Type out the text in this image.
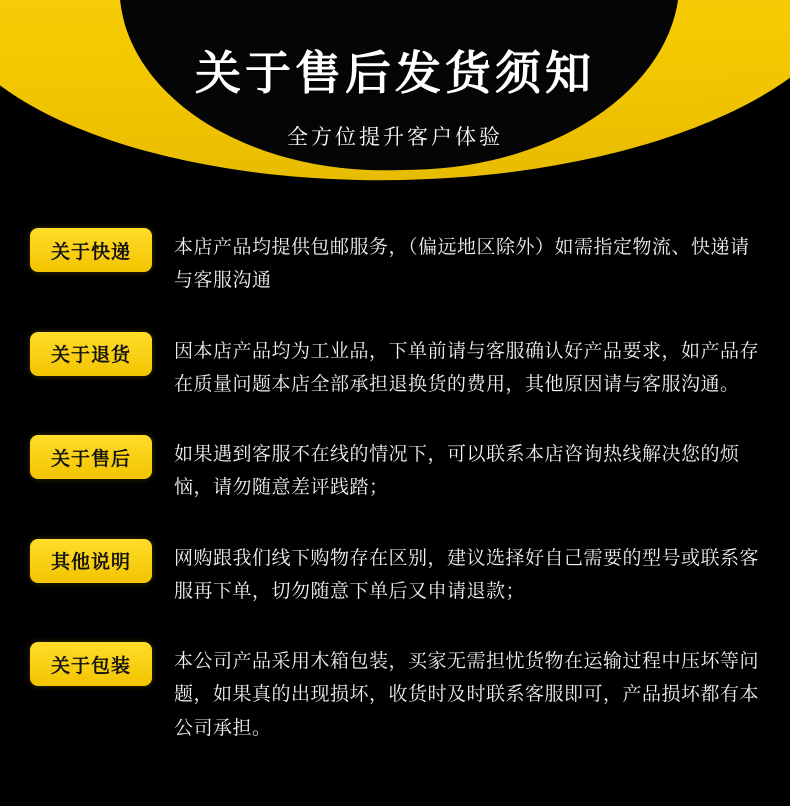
关于售后发货须知
全方位提升客户体验
关于快递	本店产品均提供包邮服务，（偏远地区除外）如需指定物流、快递请与客服沟通
关于退货	因本店产品均为工业品，下单前请与客服确认好产品要求，如产品存在质量问题本店全部承担退换货的费用，其他原因请与客服沟通。
关于售后	如果遇到客服不在线的情况下，可以联系本店咨询热线解决您的烦恼，请勿随意差评践踏；
其他说明	网购跟我们线下购物存在区别，建议选择好自己需要的型号或联系客服再下单，切勿随意下单后又申请退款；
关于包装	本公司产品采用木箱包装，买家无需担忧货物在运输过程中压坏等问题，如果真的出现损坏，收货时及时联系客服即可，产品损坏都有本公司承担。
